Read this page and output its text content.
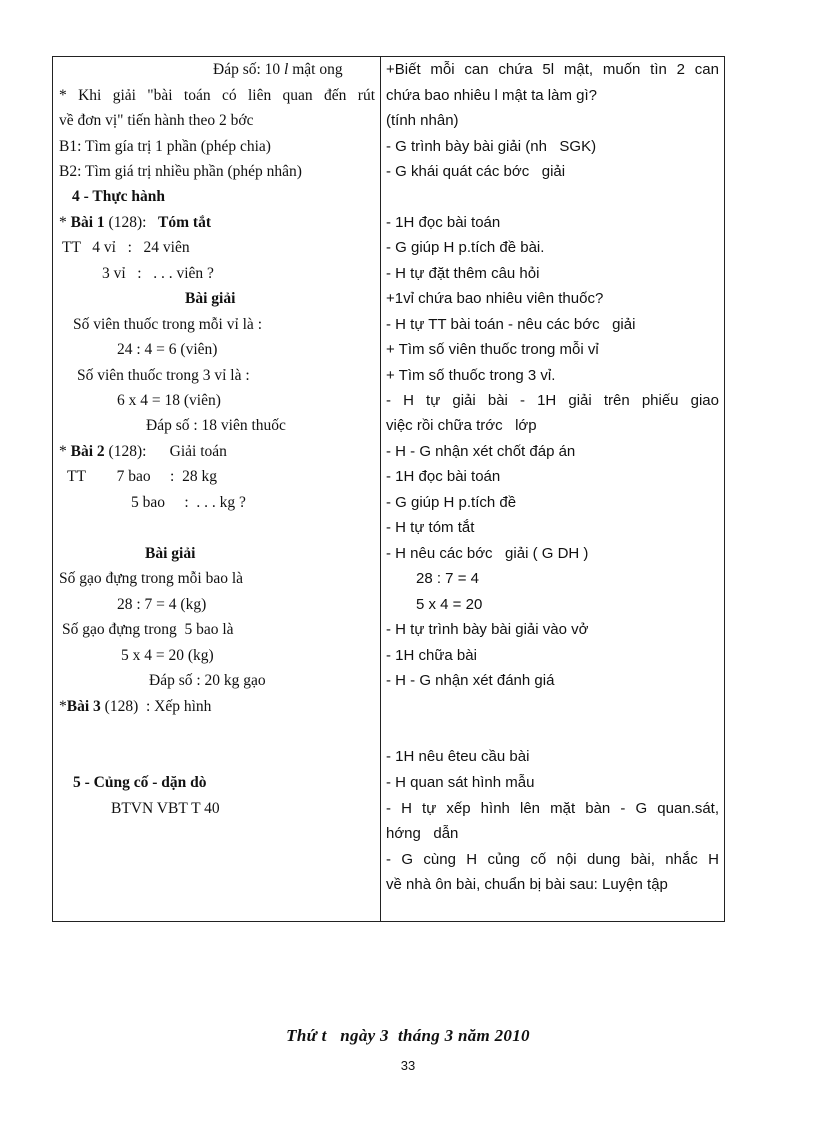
Đáp số: 10 l mật ong
* Khi giải "bài toán có liên quan đến rút
về đơn vị" tiến hành theo 2 bớc
B1: Tìm gía trị 1 phần (phép chia)
B2: Tìm giá trị nhiều phần (phép nhân)
4 - Thực hành
* Bài 1 (128):   Tóm tắt
TT   4 vỉ   :   24 viên
3 vỉ   :   . . . viên ?
Bài giải
Số viên thuốc trong mỗi vỉ là :
24 : 4 = 6 (viên)
Số viên thuốc trong 3 vỉ là :
6 x 4 = 18 (viên)
Đáp số : 18 viên thuốc
* Bài 2 (128):      Giải toán
TT        7 bao     :  28 kg
5 bao     :  . . . kg ?
Bài giải
Số gạo đựng trong mỗi bao là
28 : 7 = 4 (kg)
Số gạo đựng trong  5 bao là
5 x 4 = 20 (kg)
Đáp số : 20 kg gạo
*Bài 3 (128)  : Xếp hình
5 - Củng cố - dặn dò
BTVN VBT T 40
+Biết mỗi can chứa 5l mật, muốn tìn 2 can
chứa bao nhiêu l mật ta làm gì?
(tính nhân)
- G trình bày bài giải (nh   SGK)
- G khái quát các bớc   giải
- 1H đọc bài toán
- G giúp H p.tích đề bài.
- H tự đặt thêm câu hỏi
+1vỉ chứa bao nhiêu viên thuốc?
- H tự TT bài toán - nêu các bớc   giải
+ Tìm số viên thuốc trong mỗi vỉ
+ Tìm số thuốc trong 3 vỉ.
- H tự giải bài - 1H giải trên phiếu giao
việc rồi chữa trớc   lớp
- H - G nhận xét chốt đáp án
- 1H đọc bài toán
- G giúp H p.tích đề
- H tự tóm tắt
- H nêu các bớc   giải ( G DH )
28 : 7 = 4
5 x 4 = 20
- H tự trình bày bài giải vào vở
- 1H chữa bài
- H - G nhận xét đánh giá
- 1H nêu êteu cầu bài
- H quan sát hình mẫu
- H tự xếp hình lên mặt bàn - G quan.sát,
hớng   dẫn
- G cùng H củng cố nội dung bài, nhắc H
về nhà ôn bài, chuẩn bị bài sau: Luyện tập
Thứ t   ngày 3  tháng 3 năm 2010
33
